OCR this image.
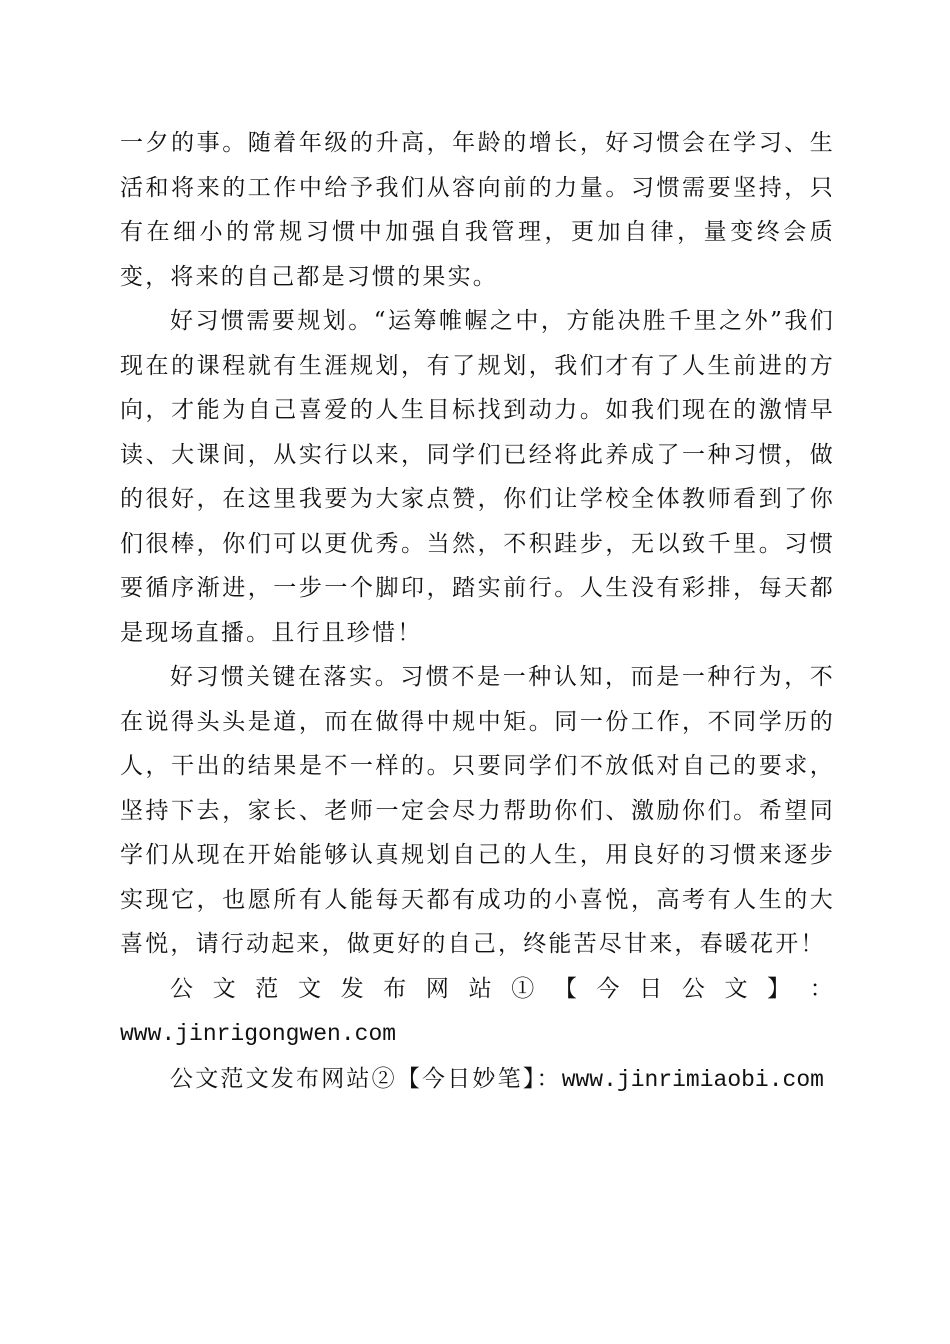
一夕的事。随着年级的升高，年龄的增长，好习惯会在学习、生活和将来的工作中给予我们从容向前的力量。习惯需要坚持，只有在细小的常规习惯中加强自我管理，更加自律，量变终会质变，将来的自己都是习惯的果实。

好习惯需要规划。“运筹帷幄之中，方能决胜千里之外”我们现在的课程就有生涯规划，有了规划，我们才有了人生前进的方向，才能为自己喜爱的人生目标找到动力。如我们现在的激情早读、大课间，从实行以来，同学们已经将此养成了一种习惯，做的很好，在这里我要为大家点赞，你们让学校全体教师看到了你们很棒，你们可以更优秀。当然，不积跬步，无以致千里。习惯要循序渐进，一步一个脚印，踏实前行。人生没有彩排，每天都是现场直播。且行且珍惜！

好习惯关键在落实。习惯不是一种认知，而是一种行为，不在说得头头是道，而在做得中规中矩。同一份工作，不同学历的人，干出的结果是不一样的。只要同学们不放低对自己的要求，坚持下去，家长、老师一定会尽力帮助你们、激励你们。希望同学们从现在开始能够认真规划自己的人生，用良好的习惯来逐步实现它，也愿所有人能每天都有成功的小喜悦，高考有人生的大喜悦，请行动起来，做更好的自己，终能苦尽甘来，春暖花开！

公 文 范 文 发 布 网 站 ① 【 今 日 公 文 】 ：

www.jinrigongwen.com

公文范文发布网站②【今日妙笔】：www.jinrimiaobi.com
